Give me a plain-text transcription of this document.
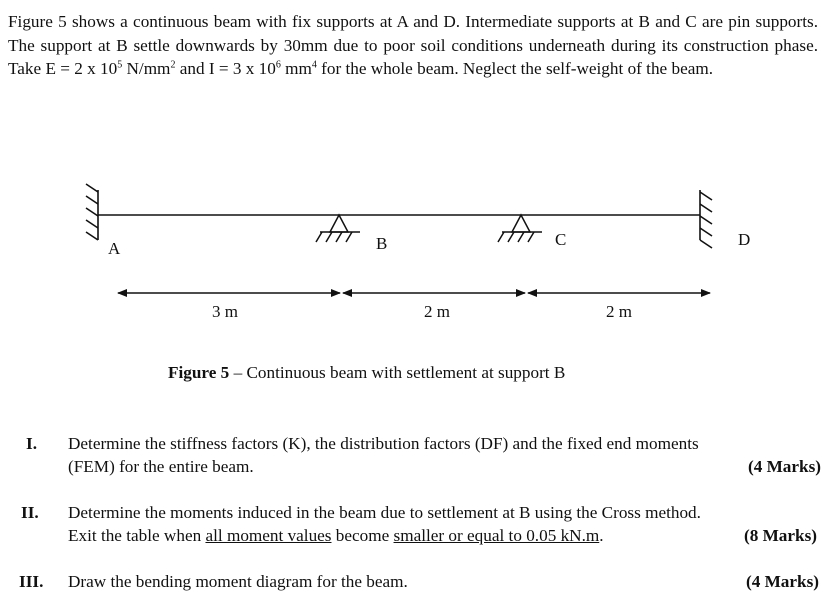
Figure 5 shows a continuous beam with fix supports at A and D. Intermediate supports at B and C are pin supports. The support at B settle downwards by 30mm due to poor soil conditions underneath during its construction phase. Take E = 2 x $10^5$ $N/mm^2$ and I = 3 x $10^6$ $mm^4$ for the whole beam. Neglect the self-weight of the beam.
A	B	C	D
3 m	2 m	2 m
Figure 5 – Continuous beam with settlement at support B
I. Determine the stiffness factors (K), the distribution factors (DF) and the fixed end moments
(FEM) for the entire beam.	(4 Marks)
II. Determine the moments induced in the beam due to settlement at B using the Cross method.
Exit the table when all moment values become smaller or equal to 0.05 kN.m.	(8 Marks)
III. Draw the bending moment diagram for the beam.	(4 Marks)
